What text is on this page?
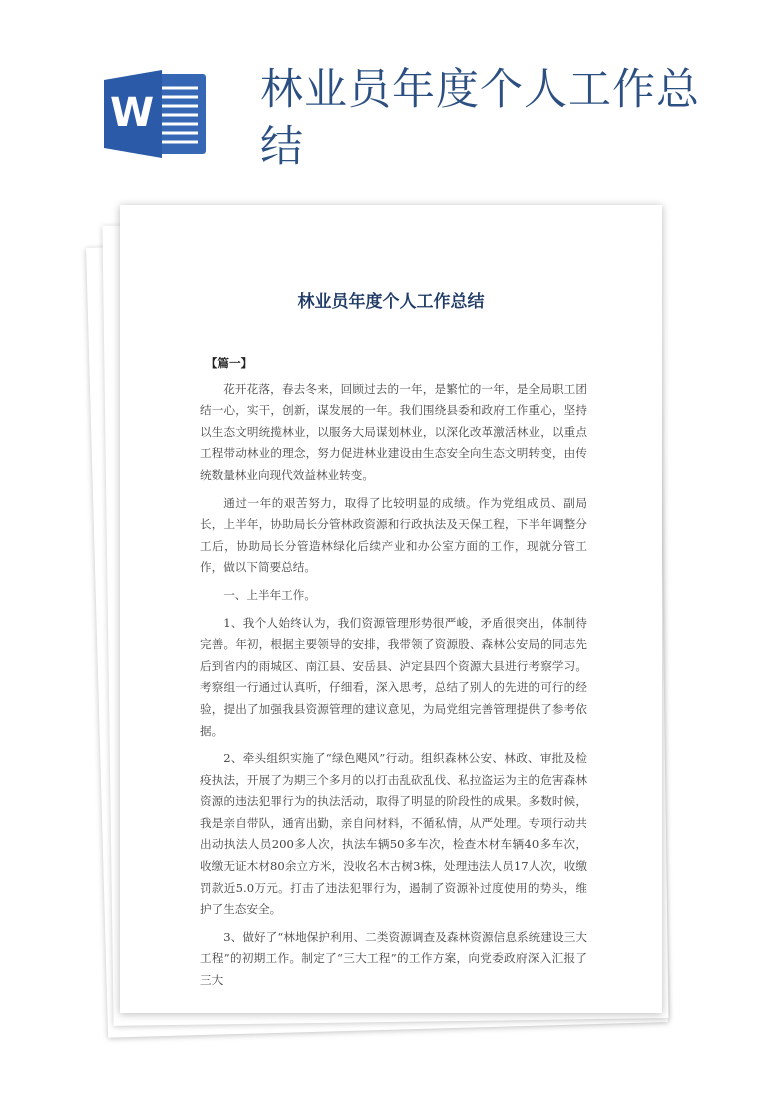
W 林业员年度个人工作总结
林业员年度个人工作总结

【篇一】

花开花落，春去冬来，回顾过去的一年，是繁忙的一年，是全局职工团结一心，实干，创新，谋发展的一年。我们围绕县委和政府工作重心，坚持以生态文明统揽林业，以服务大局谋划林业，以深化改革激活林业，以重点工程带动林业的理念，努力促进林业建设由生态安全向生态文明转变，由传统数量林业向现代效益林业转变。

通过一年的艰苦努力，取得了比较明显的成绩。作为党组成员、副局长，上半年，协助局长分管林政资源和行政执法及天保工程，下半年调整分工后，协助局长分管造林绿化后续产业和办公室方面的工作，现就分管工作，做以下简要总结。

一、上半年工作。

1、我个人始终认为，我们资源管理形势很严峻，矛盾很突出，体制待完善。年初，根据主要领导的安排，我带领了资源股、森林公安局的同志先后到省内的雨城区、南江县、安岳县、泸定县四个资源大县进行考察学习。考察组一行通过认真听，仔细看，深入思考，总结了别人的先进的可行的经验，提出了加强我县资源管理的建议意见，为局党组完善管理提供了参考依据。

2、牵头组织实施了“绿色飓风”行动。组织森林公安、林政、审批及检疫执法，开展了为期三个多月的以打击乱砍乱伐、私拉盗运为主的危害森林资源的违法犯罪行为的执法活动，取得了明显的阶段性的成果。多数时候，我是亲自带队，通宵出勤，亲自问材料，不循私情，从严处理。专项行动共出动执法人员200多人次，执法车辆50多车次，检查木材车辆40多车次，收缴无证木材80余立方米，没收名木古树3株，处理违法人员17人次，收缴罚款近5.0万元。打击了违法犯罪行为，遏制了资源补过度使用的势头，维护了生态安全。

3、做好了“林地保护利用、二类资源调查及森林资源信息系统建设三大工程”的初期工作。制定了“三大工程”的工作方案，向党委政府深入汇报了三大
